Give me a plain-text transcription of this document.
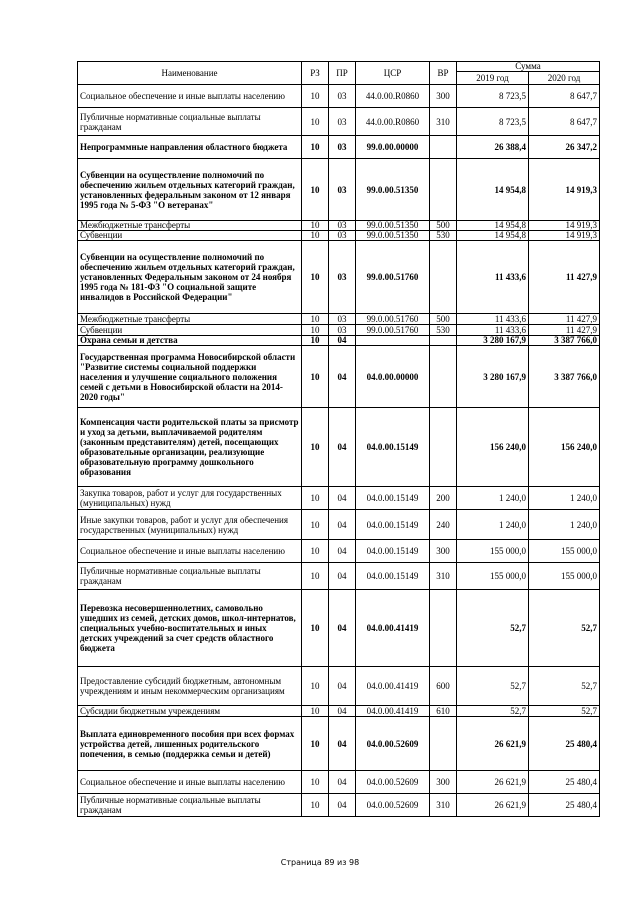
Наименование	РЗ	ПР	ЦСР	ВР	Сумма	
					2019 год	2020 год
Социальное обеспечение и иные выплаты населению	10	03	44.0.00.R0860	300	8 723,5	8 647,7
Публичные нормативные социальные выплаты гражданам	10	03	44.0.00.R0860	310	8 723,5	8 647,7
Непрограммные направления областного бюджета	10	03	99.0.00.00000		26 388,4	26 347,2
Субвенции на осуществление полномочий по обеспечению жильем отдельных категорий граждан, установленных федеральным законом от 12 января 1995 года № 5-ФЗ "О ветеранах"	10	03	99.0.00.51350		14 954,8	14 919,3
Межбюджетные трансферты	10	03	99.0.00.51350	500	14 954,8	14 919,3
Субвенции	10	03	99.0.00.51350	530	14 954,8	14 919,3
Субвенции на осуществление полномочий по обеспечению жильем отдельных категорий граждан, установленных Федеральным законом от 24 ноября 1995 года № 181-ФЗ "О социальной защите инвалидов в Российской Федерации"	10	03	99.0.00.51760		11 433,6	11 427,9
Межбюджетные трансферты	10	03	99.0.00.51760	500	11 433,6	11 427,9
Субвенции	10	03	99.0.00.51760	530	11 433,6	11 427,9
Охрана семьи и детства	10	04			3 280 167,9	3 387 766,0
Государственная программа Новосибирской области "Развитие системы социальной поддержки населения и улучшение социального положения семей с детьми в Новосибирской области на 2014-2020 годы"	10	04	04.0.00.00000		3 280 167,9	3 387 766,0
Компенсация части родительской платы за присмотр и уход за детьми, выплачиваемой родителям (законным представителям) детей, посещающих образовательные организации, реализующие образовательную программу дошкольного образования	10	04	04.0.00.15149		156 240,0	156 240,0
Закупка товаров, работ и услуг для государственных (муниципальных) нужд	10	04	04.0.00.15149	200	1 240,0	1 240,0
Иные закупки товаров, работ и услуг для обеспечения государственных (муниципальных) нужд	10	04	04.0.00.15149	240	1 240,0	1 240,0
Социальное обеспечение и иные выплаты населению	10	04	04.0.00.15149	300	155 000,0	155 000,0
Публичные нормативные социальные выплаты гражданам	10	04	04.0.00.15149	310	155 000,0	155 000,0
Перевозка несовершеннолетних, самовольно ушедших из семей, детских домов, школ-интернатов, специальных учебно-воспитательных и иных детских учреждений за счет средств областного бюджета	10	04	04.0.00.41419		52,7	52,7
Предоставление субсидий бюджетным, автономным учреждениям и иным некоммерческим организациям	10	04	04.0.00.41419	600	52,7	52,7
Субсидии бюджетным учреждениям	10	04	04.0.00.41419	610	52,7	52,7
Выплата единовременного пособия при всех формах устройства детей, лишенных родительского попечения, в семью (поддержка семьи и детей)	10	04	04.0.00.52609		26 621,9	25 480,4
Социальное обеспечение и иные выплаты населению	10	04	04.0.00.52609	300	26 621,9	25 480,4
Публичные нормативные социальные выплаты гражданам	10	04	04.0.00.52609	310	26 621,9	25 480,4
Страница 89 из 98
